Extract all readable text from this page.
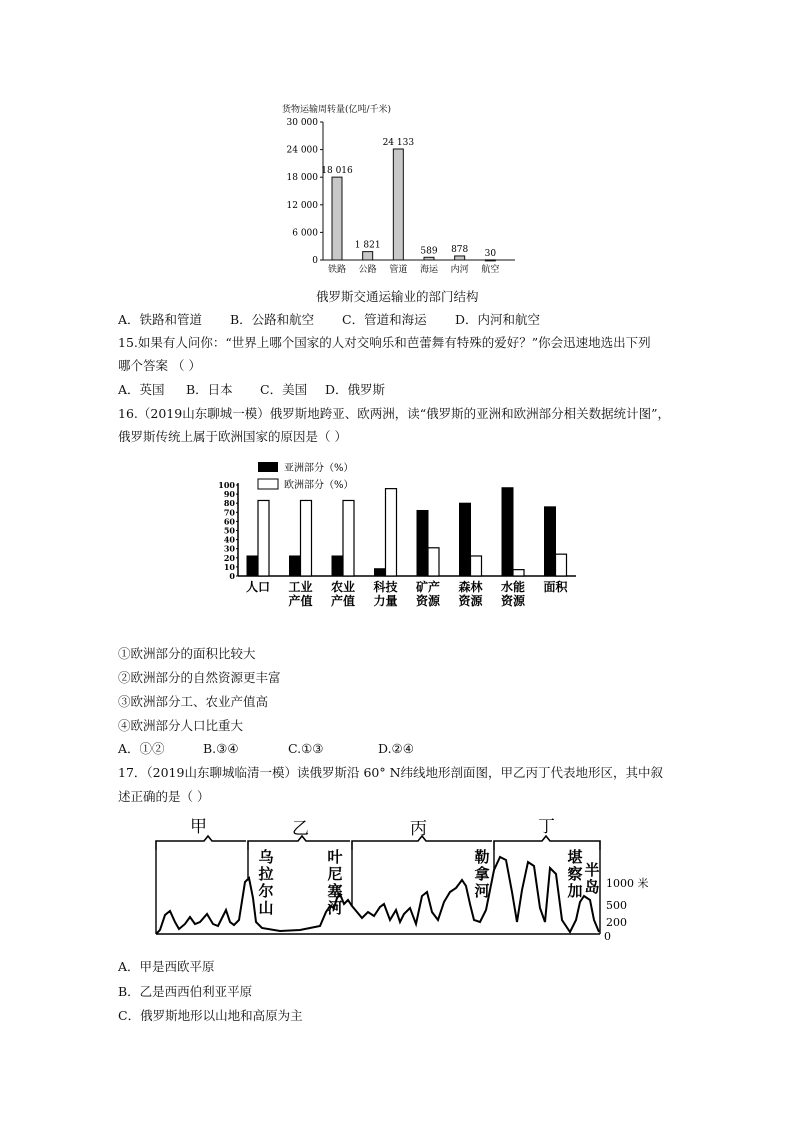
货物运输周转量(亿吨/千米)
30 000
24 000
18 000
12 000
6 000
0
18 016
铁路
1 821
公路
24 133
管道
589
海运
878
内河
30
航空
俄罗斯交通运输业的部门结构
A．铁路和管道 B．公路和航空 C．管道和海运 D．内河和航空
15.如果有人问你：“世界上哪个国家的人对交响乐和芭蕾舞有特殊的爱好？”你会迅速地选出下列
哪个答案 （ ）
A．英国 B．日本 C．美国 D．俄罗斯
16.（2019山东聊城一模）俄罗斯地跨亚、欧两洲，读“俄罗斯的亚洲和欧洲部分相关数据统计图”，
俄罗斯传统上属于欧洲国家的原因是（ ）
亚洲部分（%）
欧洲部分（%）
100
90
80
70
60
50
40
30
20
10
0
人口 工业
产值
农业
产值
科技
力量
矿产
资源
森林
资源
水能
资源
面积
①欧洲部分的面积比较大
②欧洲部分的自然资源更丰富
③欧洲部分工、农业产值高
④欧洲部分人口比重大
A．①②	B.③④	C.①③	D.②④
17．（2019山东聊城临清一模）读俄罗斯沿 60° N纬线地形剖面图，甲乙丙丁代表地形区，其中叙
述正确的是（ ）
甲	乙	丙	丁
乌
拉
尔
山
叶
尼
塞
河
勒
拿
河
堪
察
加
半
岛 1000 米
500
200
0
A．甲是西欧平原
B．乙是西西伯利亚平原
C．俄罗斯地形以山地和高原为主
